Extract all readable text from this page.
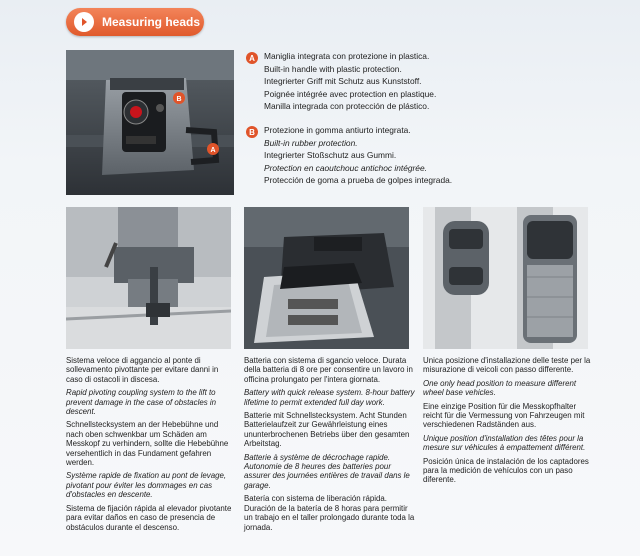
Measuring heads
B
A
A	Maniglia integrata con protezione in plastica.
Built-in handle with plastic protection.
Integrierter Griff mit Schutz aus Kunststoff.
Poignée intégrée avec protection en plastique.
Manilla integrada con protección de plástico.
B	Protezione in gomma antiurto integrata.
Built-in rubber protection.
Integrierter Stoßschutz aus Gummi.
Protection en caoutchouc antichoc intégrée.
Protección de goma a prueba de golpes integrada.

Sistema veloce di aggancio al ponte di sollevamento pivottante per evitare danni in caso di ostacoli in discesa.

Rapid pivoting coupling system to the lift to prevent damage in the case of obstacles in descent.

Schnellstecksystem an der Hebebühne und nach oben schwenkbar um Schäden am Messkopf zu verhindern, sollte die Hebebühne versehentlich in das Fundament gefahren werden.

Système rapide de fixation au pont de levage, pivotant pour éviter les dommages en cas d'obstacles en descente.

Sistema de fijación rápida al elevador pivotante para evitar daños en caso de presencia de obstáculos durante el descenso.

Batteria con sistema di sgancio veloce. Durata della batteria di 8 ore per consentire un lavoro in officina prolungato per l'intera giornata.

Battery with quick release system. 8-hour battery lifetime to permit extended full day work.

Batterie mit Schnellstecksystem. Acht Stunden Batterielaufzeit zur Gewährleistung eines ununterbrochenen Betriebs über den gesamten Arbeitstag.

Batterie à système de décrochage rapide. Autonomie de 8 heures des batteries pour assurer des journées entières de travail dans le garage.

Batería con sistema de liberación rápida. Duración de la batería de 8 horas para permitir un trabajo en el taller prolongado durante toda la jornada.

Unica posizione d'installazione delle teste per la misurazione di veicoli con passo differente.

One only head position to measure different wheel base vehicles.

Eine einzige Position für die Messkopfhalter reicht für die Vermessung von Fahrzeugen mit verschiedenen Radständen aus.

Unique position d'installation des têtes pour la mesure sur véhicules à empattement différent.

Posición única de instalación de los captadores para la medición de vehículos con un paso diferente.
